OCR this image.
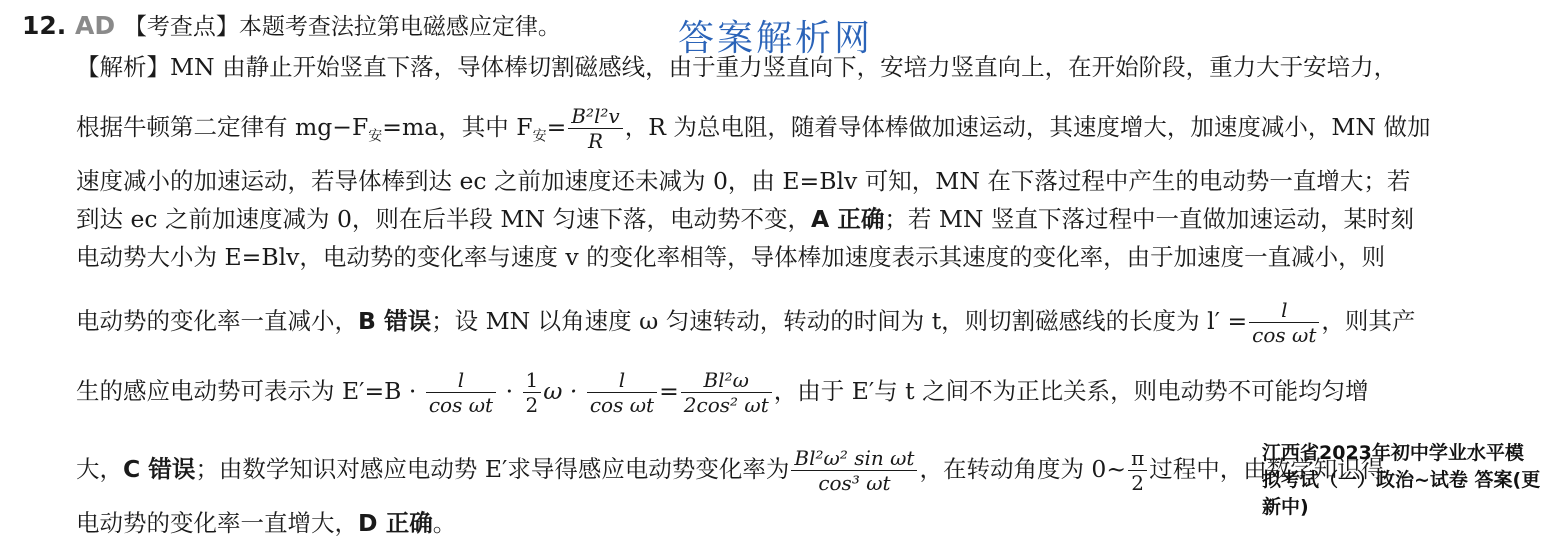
12. AD 【考查点】本题考查法拉第电磁感应定律。	答案解析网
【解析】MN 由静止开始竖直下落，导体棒切割磁感线，由于重力竖直向下，安培力竖直向上，在开始阶段，重力大于安培力，
根据牛顿第二定律有 $mg-F_安=ma$，其中 $F_安= \frac{\text{B²l²v}}{R}$ ，R 为总电阻，随着导体棒做加速运动，其速度增大，加速度减小，MN 做加
速度减小的加速运动，若导体棒到达 ec 之前加速度还未减为 0，由 E=Blv 可知，MN 在下落过程中产生的电动势一直增大；若
到达 ec 之前加速度减为 0，则在后半段 MN 匀速下落，电动势不变，A 正确；若 MN 竖直下落过程中一直做加速运动，某时刻
电动势大小为 E=Blv，电动势的变化率与速度 v 的变化率相等，导体棒加速度表示其速度的变化率，由于加速度一直减小，则
电动势的变化率一直减小，B 错误；设 MN 以角速度 ω 匀速转动，转动的时间为 t，则切割磁感线的长度为 $l' = \frac{l}{\text{cos ωt}}$ ，则其产
生的感应电动势可表示为 $E'=B \cdot \frac{l}{\text{cos ωt}} \cdot \frac{1}{2}$ $\omega \cdot \frac{l}{\text{cos ωt}} = \frac{\text{Bl²ω}}{\text{2cos² ωt}}$ ，由于 E′与 t 之间不为正比关系，则电动势不可能均匀增
大，C 错误；由数学知识对感应电动势 E′求导得感应电动势变化率为 $\frac{\text{Bl²ω² sin ωt}}{\text{cos³ ωt}}$ ，在转动角度为 0~ $\frac{\pi}{2}$ 过程中，由数学知识得
电动势的变化率一直增大，D 正确。
江西省2023年初中学业水平模拟考试（一）政治~试卷 答案(更新中)
